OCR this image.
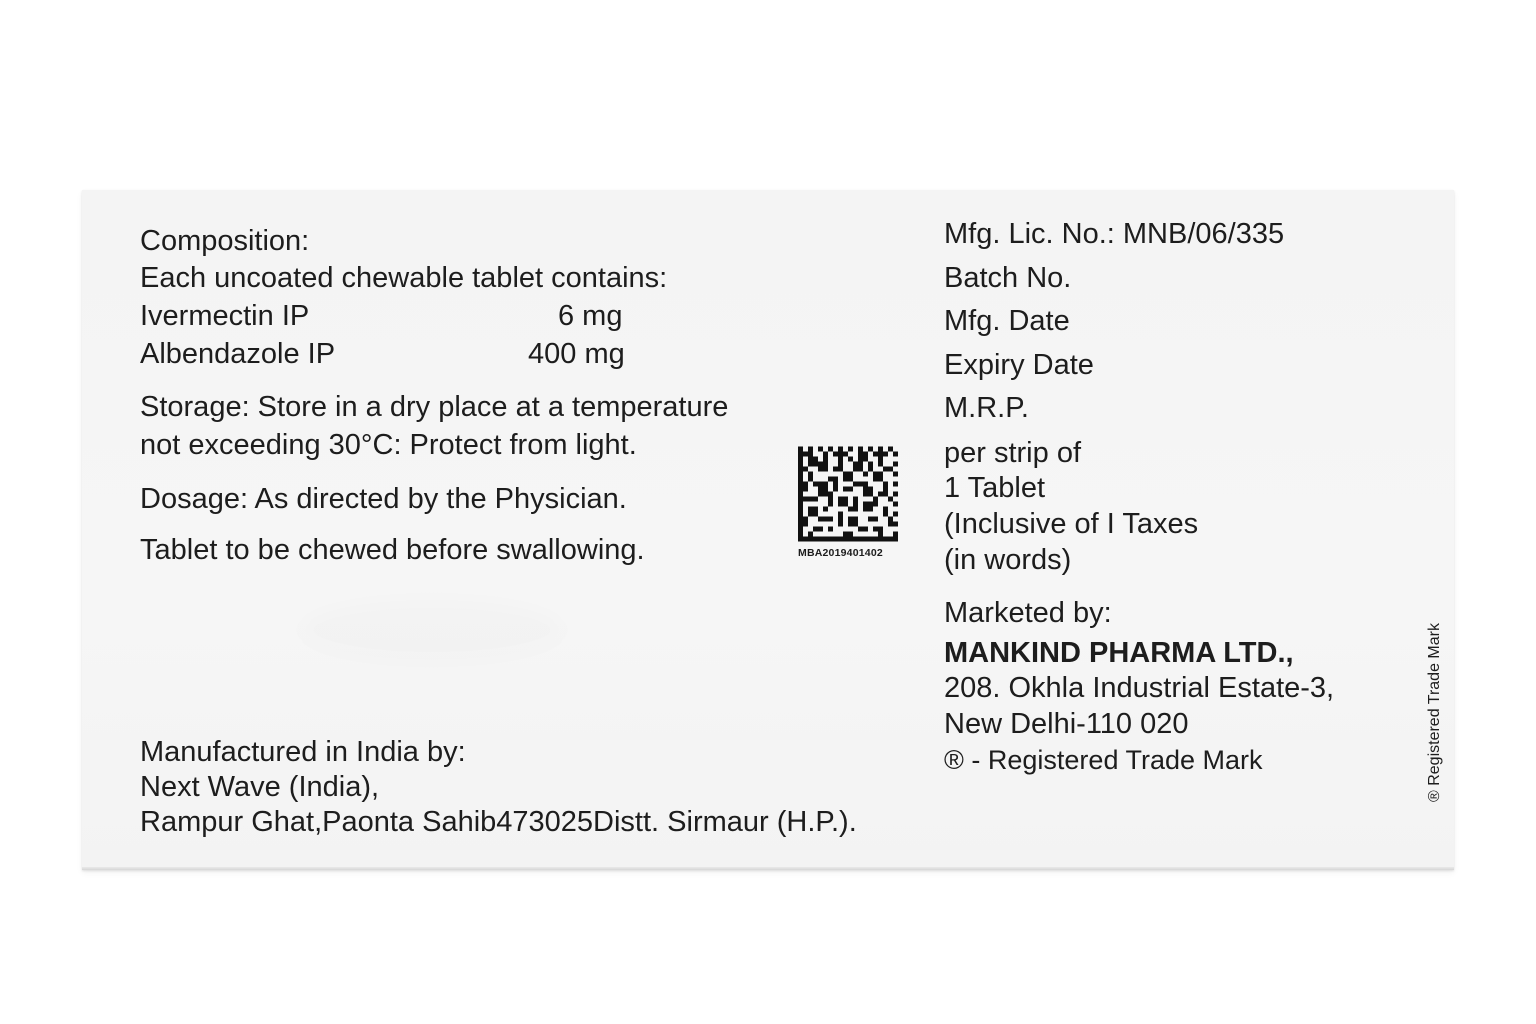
Composition:

Each uncoated chewable tablet contains:

Ivermectin IP	6 mg

Albendazole IP	400 mg

Storage: Store in a dry place at a temperature

not exceeding 30°C: Protect from light.

Dosage: As directed by the Physician.

Tablet to be chewed before swallowing.

Manufactured in India by:

Next Wave (India),

Rampur Ghat,Paonta Sahib473025Distt. Sirmaur (H.P.).

MBA2019401402

Mfg. Lic. No.: MNB/06/335

Batch No.

Mfg. Date

Expiry Date

M.R.P.

per strip of

1 Tablet

(Inclusive of I Taxes

(in words)

Marketed by:

MANKIND PHARMA LTD.,

208. Okhla Industrial Estate-3,

New Delhi-110 020

® - Registered Trade Mark	® Registered Trade Mark
